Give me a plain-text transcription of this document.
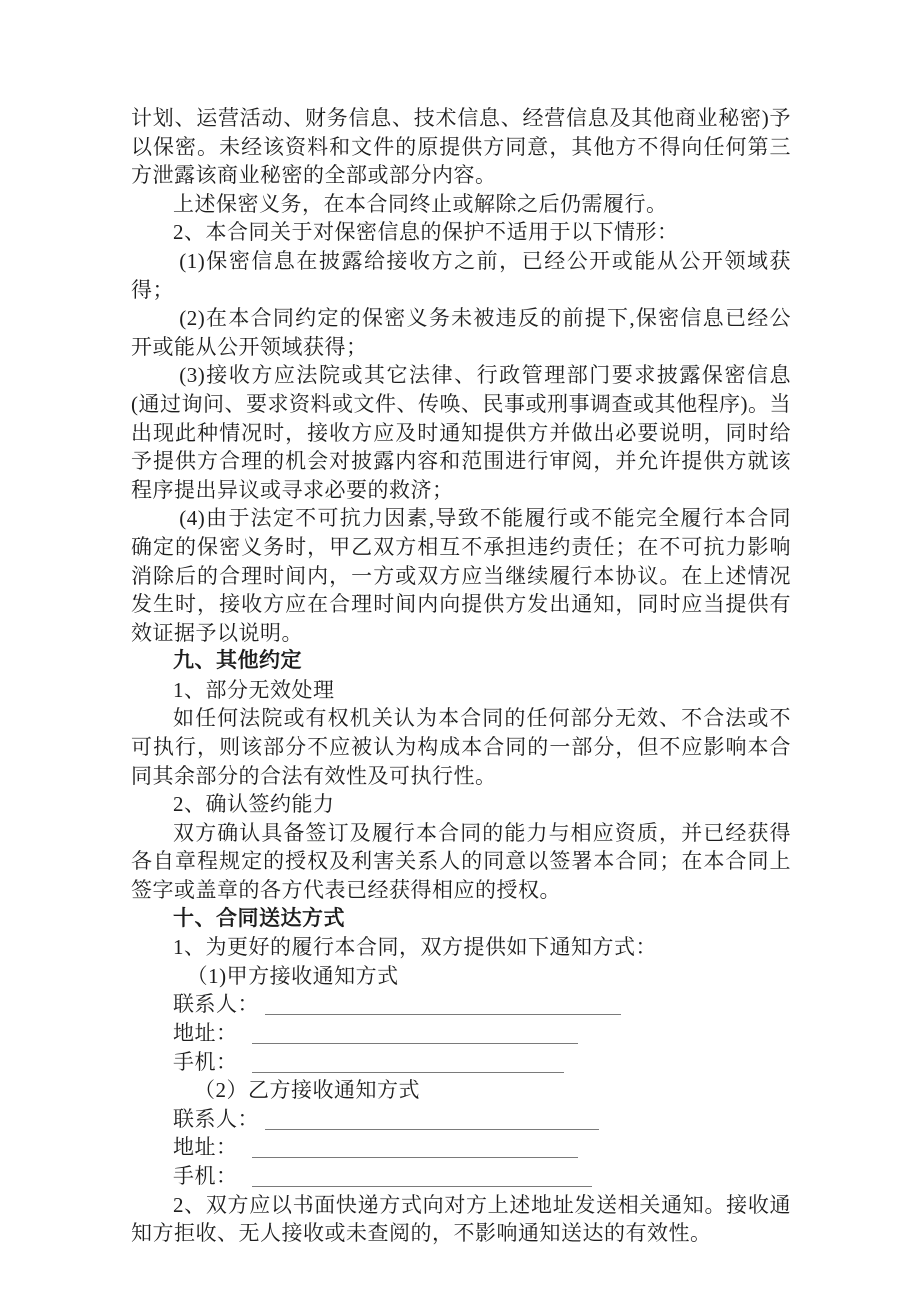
计划、运营活动、财务信息、技术信息、经营信息及其他商业秘密)予以保密。未经该资料和文件的原提供方同意，其他方不得向任何第三方泄露该商业秘密的全部或部分内容。

上述保密义务，在本合同终止或解除之后仍需履行。

2、本合同关于对保密信息的保护不适用于以下情形：

(1)保密信息在披露给接收方之前，已经公开或能从公开领域获得；

(2)在本合同约定的保密义务未被违反的前提下,保密信息已经公开或能从公开领域获得；

(3)接收方应法院或其它法律、行政管理部门要求披露保密信息(通过询问、要求资料或文件、传唤、民事或刑事调查或其他程序)。当出现此种情况时，接收方应及时通知提供方并做出必要说明，同时给予提供方合理的机会对披露内容和范围进行审阅，并允许提供方就该程序提出异议或寻求必要的救济；

(4)由于法定不可抗力因素,导致不能履行或不能完全履行本合同确定的保密义务时，甲乙双方相互不承担违约责任；在不可抗力影响消除后的合理时间内，一方或双方应当继续履行本协议。在上述情况发生时，接收方应在合理时间内向提供方发出通知，同时应当提供有效证据予以说明。

九、其他约定

1、部分无效处理

如任何法院或有权机关认为本合同的任何部分无效、不合法或不可执行，则该部分不应被认为构成本合同的一部分，但不应影响本合同其余部分的合法有效性及可执行性。

2、确认签约能力

双方确认具备签订及履行本合同的能力与相应资质，并已经获得各自章程规定的授权及利害关系人的同意以签署本合同；在本合同上签字或盖章的各方代表已经获得相应的授权。

十、合同送达方式

1、为更好的履行本合同，双方提供如下通知方式：

（1)甲方接收通知方式

联系人：

地址：

手机：

（2）乙方接收通知方式

联系人：

地址：

手机：

2、双方应以书面快递方式向对方上述地址发送相关通知。接收通知方拒收、无人接收或未查阅的，不影响通知送达的有效性。
